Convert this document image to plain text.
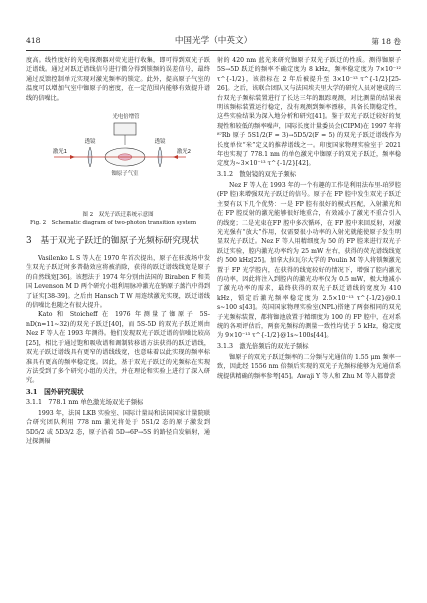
418	中国光学（中英文）	第 18 卷

度高。线性度好的光电探测器对荧光进行收集，即可得到双光子跃迁谱线。通过对跃迁谱线信号进行微分得到锁频的误差信号，最终通过反馈控制单元实现对激光频率的锁定。此外，提高原子气室的温度可以增加气室中铷原子的密度，在一定范围内能够有效提升谱线的信噪比。

光电倍增管
铷原子气室
透镜	透镜
激光1	激光2
图 2　双光子跃迁系统示意图
Fig. 2　Schematic diagram of two-photon transition system
3　基于双光子跃迁的铷原子光频标研究现状

Vasilenko L S 等人在 1970 年首次提出，原子在驻波场中发生双光子跃迁时多普勒效应将被消除，获得的跃迁谱线线宽是原子的自然线宽[36]。该想法于 1974 年分别由法国的 Biraben F 和美国 Levenson M D 两个研究小组利用脉冲激光在钠原子蒸汽中得到了证实[38-39]。之后由 Hansch T W 用连续激光实现，跃迁谱线的信噪比也随之有很大提升。

Kato 和 Stoicheff 在 1976 年测量了铷原子 5S-nD(n=11~32)的双光子跃迁[40]，而 5S-5D 的双光子跃迁则由 Nez F 等人在 1993 年测得。他们发现双光子跃迁谱的信噪比较高[25]，相比于通过饱和吸收谱和调制转移谱方法获得的跃迁谱线，双光子跃迁谱线具有更窄的谱线线宽，也意味着以此实现的频率标准具有更高的频率稳定度。因此，基于双光子跃迁的光频标在实现方法受到了多个研究小组的关注，并在理论和实验上进行了深入研究。

3.1　国外研究现状
3.1.1　778.1 nm 单色激光场双光子频标

1993 年，法国 LKB 实验室、国际计量局和法国国家计量院联合研究团队利用 778 nm 激光将处于 5S1/2 态的原子激发到 5D5/2 或 5D3/2 态，原子沿着 5D→6P→5S 的路径自发辐射，通过探测辐

射的 420 nm 蓝光来研究铷原子双光子跃迁的性质。测得铷原子 5S→5D 跃迁的频率不确定度为 8 kHz，频率稳定度为 7×10⁻¹² τ^{-1/2}，该指标在 2 年后被提升至 3×10⁻¹³ τ^{-1/2}[25-26]。之后，该联合团队又与法国埃夫里大学的研究人员对建成的三台双光子频标装置进行了长达三年的跟踪观测，对比测量的结果表明该频标装置运行稳定，没有观测到频率漂移，具备长期稳定性，这些实验结果为深入地分析和研究[41]。鉴于双光子跃迁较好的复现性和较低的频率噪声，国际长度计量委员会(CIPM)在 1997 年将⁸⁷Rb 原子 5S1/2(F = 3)→5D5/2(F = 5) 的双光子跃迁谱线作为长度单位“米”定义的推荐谱线之一。印度国家物理实验室于 2021 年也实现了 778.1 nm 的单色激光中铷原子的双光子跃迁，频率稳定度为~3×10⁻¹³ τ^{-1/2}[42]。

3.1.2　散射镜的双光子频标

Nez F 等人在 1993 年的一个有趣的工作是利用法布里-珀罗腔(FP 腔)来增强双光子跃迁的信号。原子在 FP 腔中发生双光子跃迁主要有以下几个优势：一是 FP 腔有很好的模式匹配，入射激光和在 FP 腔反射的激光能够很好地重合，有效减小了激光不重合引入的线宽；二是光束在FP 腔中多次循环，在 FP 腔中来回反射，对激光光强有“放大”作用，仅需要很小功率的入射光就能使原子发生明显双光子跃迁。Nez F 等人用精细度为 50 的 FP 腔来进行双光子跃迁实验，腔内激光功率约为 25 mW 左右，获得的荧光谱线线宽约 500 kHz[25]。加拿大拉瓦尔大学的 Poulin M 等人将锁频激光置于 FP 光学腔内，在获得的线宽较好的情况下，增强了腔内激光的功率，因此将注入到腔内的激光功率仅为 0.5 mW，极大地减小了激光功率的需求，最终获得的双光子跃迁谱线的宽度为 410 kHz，锁定后激光频率稳定度为 2.5×10⁻¹³ τ^{-1/2}@0.1 s~100 s[43]。英国国家物理实验室(NPL)搭建了两套相同的双光子光频标装置，都将铷池放置于精细度为 100 的 FP 腔中，在对系统的各项评估后，两套光频标的测量一致性均优于 5 kHz，稳定度为 9×10⁻¹³ τ^{-1/2}@1s~100s[44]。

3.1.3　激光倍频后的双光子频标

铷原子的双光子跃迁频率的二分频与光通信的 1.55 μm 频率一致，因此经 1556 nm 倍频后实现的双光子光频标能够为光通信系统提供精确的频率参考[45]。Awaji Y 等人和 Zhu M 等人都曾尝
